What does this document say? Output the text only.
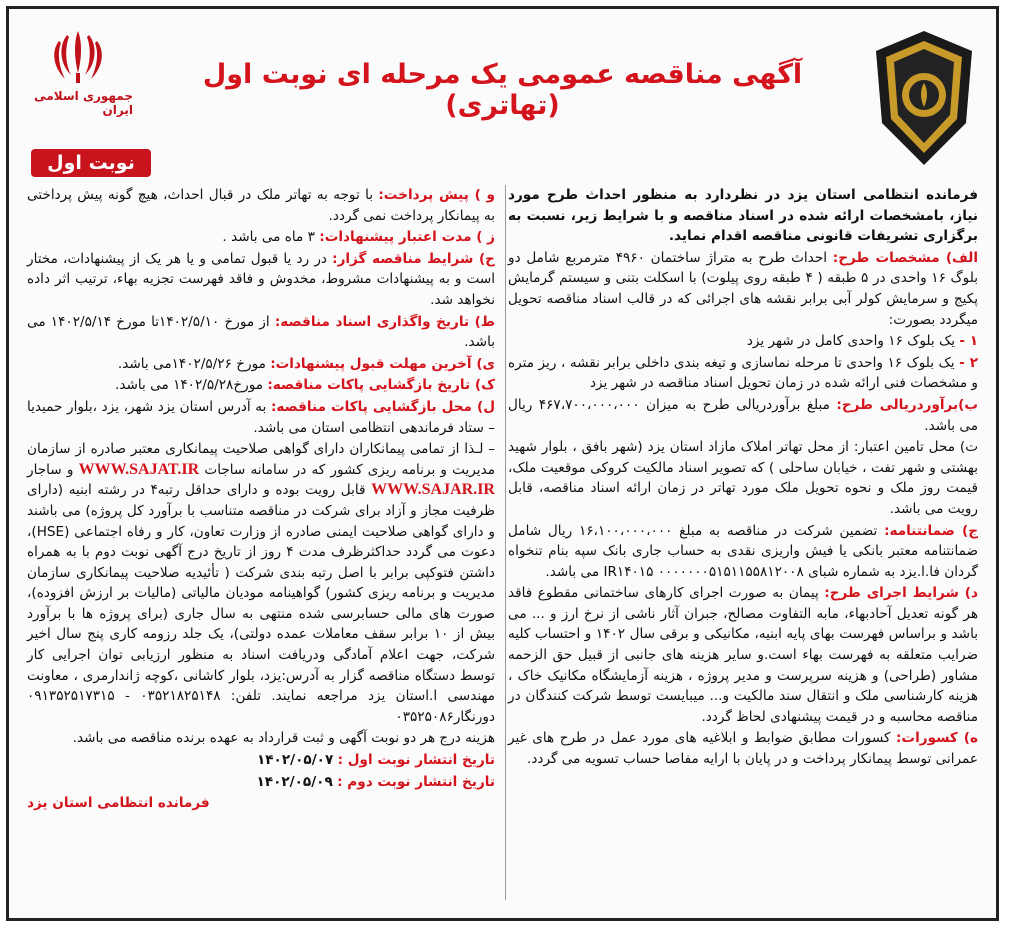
جمهوری اسلامی ایران
آگهی مناقصه عمومی یک مرحله ای نوبت اول (تهاتری)
نوبت اول

فرمانده انتظامی استان یزد در نظردارد به منظور احداث طرح مورد نیاز، بامشخصات ارائه شده در اسناد مناقصه و با شرایط زیر، نسبت به برگزاری تشریفات قانونی مناقصه اقدام نماید.

الف) مشخصات طرح: احداث طرح به متراژ ساختمان ۴۹۶۰ مترمربع شامل دو بلوگ ۱۶ واحدی در ۵ طبقه ( ۴ طبقه روی پیلوت) با اسکلت بتنی و سیستم گرمایش پکیج و سرمایش کولر آبی برابر نقشه های اجرائی که در قالب اسناد مناقصه تحویل میگردد بصورت:

۱ - یک بلوک ۱۶ واحدی کامل در شهر یزد

۲ - یک بلوک ۱۶ واحدی تا مرحله نماسازی و تیغه بندی داخلی برابر نقشه ، ریز متره و مشخصات فنی ارائه شده در زمان تحویل اسناد مناقصه در شهر یزد

ب)برآوردریالی طرح: مبلغ برآوردریالی طرح به میزان ۴۶۷،۷۰۰،۰۰۰،۰۰۰ ریال می باشد.

ت) محل تامین اعتبار: از محل تهاتر املاک مازاد استان یزد (شهر بافق ، بلوار شهید بهشتی و شهر تفت ، خیابان ساحلی ) که تصویر اسناد مالکیت کروکی موقعیت ملک، قیمت روز ملک و نحوه تحویل ملک مورد تهاتر در زمان ارائه اسناد مناقصه، قابل رویت می باشد.

ج) ضمانتنامه: تضمین شرکت در مناقصه به مبلغ ۱۶،۱۰۰،۰۰۰،۰۰۰ ریال شامل ضمانتنامه معتبر بانکی یا فیش واریزی نقدی به حساب جاری بانک سپه بنام تنخواه گردان فا.ا.یزد به شماره شبای ۰۰۰۰۰۰۰۵۱۵۱۱۵۵۸۱۲۰۰۸ IR۱۴۰۱۵ می باشد.

د) شرایط اجرای طرح: پیمان به صورت اجرای کارهای ساختمانی مقطوع فاقد هر گونه تعدیل آحادبهاء، مابه التفاوت مصالح، جبران آثار ناشی از نرخ ارز و ... می باشد و براساس فهرست بهای پایه ابنیه، مکانیکی و برقی سال ۱۴۰۲ و احتساب کلیه ضرایب متعلقه به فهرست بهاء است.و سایر هزینه های جانبی از قبیل حق الزحمه مشاور (طراحی) و هزینه سرپرست و مدیر پروژه ، هزینه آزمایشگاه مکانیک خاک ، هزینه کارشناسی ملک و انتقال سند مالکیت و... میبایست توسط شرکت کنندگان در مناقصه محاسبه و در قیمت پیشنهادی لحاظ گردد.

ه) کسورات: کسورات مطابق ضوابط و ابلاغیه های مورد عمل در طرح های غیر عمرانی توسط پیمانکار پرداخت و در پایان با ارایه مفاصا حساب تسویه می گردد.

و ) پیش پرداخت: با توجه به تهاتر ملک در قبال احداث، هیچ گونه پیش پرداختی به پیمانکار پرداخت نمی گردد.

ز ) مدت اعتبار پیشنهادات: ۳ ماه می باشد .

ح) شرایط مناقصه گزار: در رد یا قبول تمامی و یا هر یک از پیشنهادات، مختار است و به پیشنهادات مشروط، مخدوش و فاقد فهرست تجزیه بهاء، ترتیب اثر داده نخواهد شد.

ط) تاریخ واگذاری اسناد مناقصه: از مورخ ۱۴۰۲/۵/۱۰تا مورخ ۱۴۰۲/۵/۱۴ می باشد.

ی) آخرین مهلت قبول پیشنهادات: مورخ ۱۴۰۲/۵/۲۶می باشد.

ک) تاریخ بازگشایی پاکات مناقصه: مورخ۱۴۰۲/۵/۲۸ می باشد.

ل) محل بازگشایی پاکات مناقصه: به آدرس استان یزد شهر، یزد ،بلوار حمیدیا – ستاد فرماندهی انتظامی استان می باشد.

– لـذا از تمامی پیمانکاران دارای گواهی صلاحیت پیمانکاری معتبر صادره از سازمان مدیریت و برنامه ریزی کشور که در سامانه ساجات WWW.SAJAT.IR و ساجار WWW.SAJAR.IR قابل رویت بوده و دارای حداقل رتبه۴ در رشته ابنیه (دارای ظرفیت مجاز و آزاد برای شرکت در مناقصه متناسب با برآورد کل پروژه) می باشند و دارای گواهی صلاحیت ایمنی صادره از وزارت تعاون، کار و رفاه اجتماعی (HSE)، دعوت می گردد حداکثرظرف مدت ۴ روز از تاریخ درج آگهی نوبت دوم با به همراه داشتن فتوکپی برابر با اصل رتبه بندی شرکت ( تأئیدیه صلاحیت پیمانکاری سازمان مدیریت و برنامه ریزی کشور) گواهینامه مودیان مالیاتی (مالیات بر ارزش افزوده)، صورت های مالی حسابرسی شده منتهی به سال جاری (برای پروژه ها با برآورد بیش از ۱۰ برابر سقف معاملات عمده دولتی)، یک جلد رزومه کاری پنج سال اخیر شرکت، جهت اعلام آمادگی ودریافت اسناد به منظور ارزیابی توان اجرایی کار توسط دستگاه مناقصه گزار به آدرس:یزد، بلوار کاشانی ،کوچه ژاندارمری ، معاونت مهندسی ا.استان یزد مراجعه نمایند. تلفن: ۰۳۵۲۱۸۲۵۱۴۸ - ۰۹۱۳۵۲۵۱۷۳۱۵ دورنگار۰۳۵۲۵۰۸۶

هزینه درج هر دو نوبت آگهی و ثبت قرارداد به عهده برنده مناقصه می باشد.

تاریخ انتشار نوبت اول : ۱۴۰۲/۰۵/۰۷

تاریخ انتشار نوبت دوم : ۱۴۰۲/۰۵/۰۹

فرمانده انتظامی استان یزد
